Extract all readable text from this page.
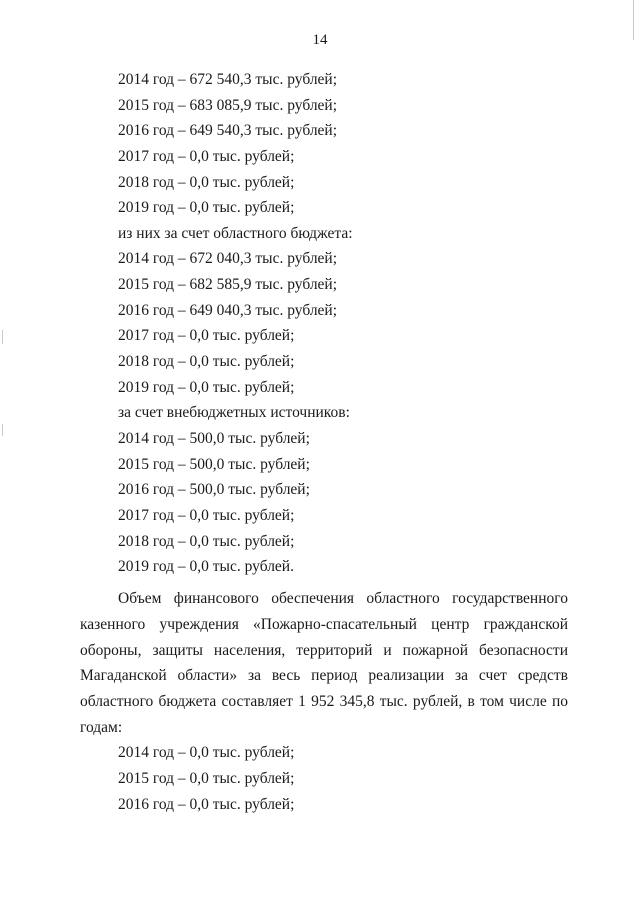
14
2014 год – 672 540,3 тыс. рублей;
2015 год – 683 085,9 тыс. рублей;
2016 год – 649 540,3 тыс. рублей;
2017 год – 0,0 тыс. рублей;
2018 год – 0,0 тыс. рублей;
2019 год – 0,0 тыс. рублей;
из них за счет областного бюджета:
2014 год – 672 040,3 тыс. рублей;
2015 год – 682 585,9 тыс. рублей;
2016 год – 649 040,3 тыс. рублей;
2017 год – 0,0 тыс. рублей;
2018 год – 0,0 тыс. рублей;
2019 год – 0,0 тыс. рублей;
за счет внебюджетных источников:
2014 год – 500,0 тыс. рублей;
2015 год – 500,0 тыс. рублей;
2016 год – 500,0 тыс. рублей;
2017 год – 0,0 тыс. рублей;
2018 год – 0,0 тыс. рублей;
2019 год – 0,0 тыс. рублей.

Объем финансового обеспечения областного государственного казенного учреждения «Пожарно-спасательный центр гражданской обороны, защиты населения, территорий и пожарной безопасности Магаданской области» за весь период реализации за счет средств областного бюджета составляет 1 952 345,8 тыс. рублей, в том числе по годам:

2014 год – 0,0 тыс. рублей;
2015 год – 0,0 тыс. рублей;
2016 год – 0,0 тыс. рублей;
